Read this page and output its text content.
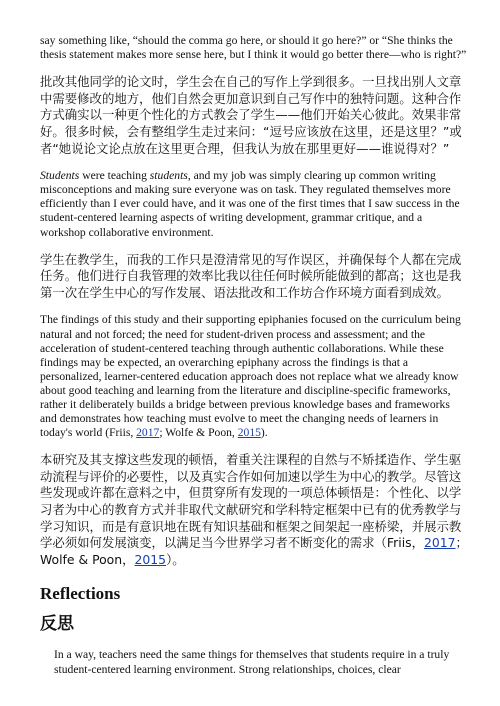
say something like, “should the comma go here, or should it go here?” or “She thinks the thesis statement makes more sense here, but I think it would go better there—who is right?”

批改其他同学的论文时，学生会在自己的写作上学到很多。一旦找出别人文章中需要修改的地方，他们自然会更加意识到自己写作中的独特问题。这种合作方式确实以一种更个性化的方式教会了学生——他们开始关心彼此。效果非常好。很多时候，会有整组学生走过来问：“逗号应该放在这里，还是这里？”或者“她说论文论点放在这里更合理，但我认为放在那里更好——谁说得对？”

Students were teaching students, and my job was simply clearing up common writing misconceptions and making sure everyone was on task. They regulated themselves more efficiently than I ever could have, and it was one of the first times that I saw success in the student-centered learning aspects of writing development, grammar critique, and a workshop collaborative environment.

学生在教学生，而我的工作只是澄清常见的写作误区，并确保每个人都在完成任务。他们进行自我管理的效率比我以往任何时候所能做到的都高；这也是我第一次在学生中心的写作发展、语法批改和工作坊合作环境方面看到成效。

The findings of this study and their supporting epiphanies focused on the curriculum being natural and not forced; the need for student-driven process and assessment; and the acceleration of student-centered teaching through authentic collaborations. While these findings may be expected, an overarching epiphany across the findings is that a personalized, learner-centered education approach does not replace what we already know about good teaching and learning from the literature and discipline-specific frameworks, rather it deliberately builds a bridge between previous knowledge bases and frameworks and demonstrates how teaching must evolve to meet the changing needs of learners in today's world (Friis, 2017; Wolfe & Poon, 2015).

本研究及其支撑这些发现的顿悟，着重关注课程的自然与不矫揉造作、学生驱动流程与评价的必要性，以及真实合作如何加速以学生为中心的教学。尽管这些发现或许都在意料之中，但贯穿所有发现的一项总体顿悟是：个性化、以学习者为中心的教育方式并非取代文献研究和学科特定框架中已有的优秀教学与学习知识，而是有意识地在既有知识基础和框架之间架起一座桥梁，并展示教学必须如何发展演变，以满足当今世界学习者不断变化的需求（Friis，2017；Wolfe & Poon，2015）。

Reflections
反思

In a way, teachers need the same things for themselves that students require in a truly student-centered learning environment. Strong relationships, choices, clear
